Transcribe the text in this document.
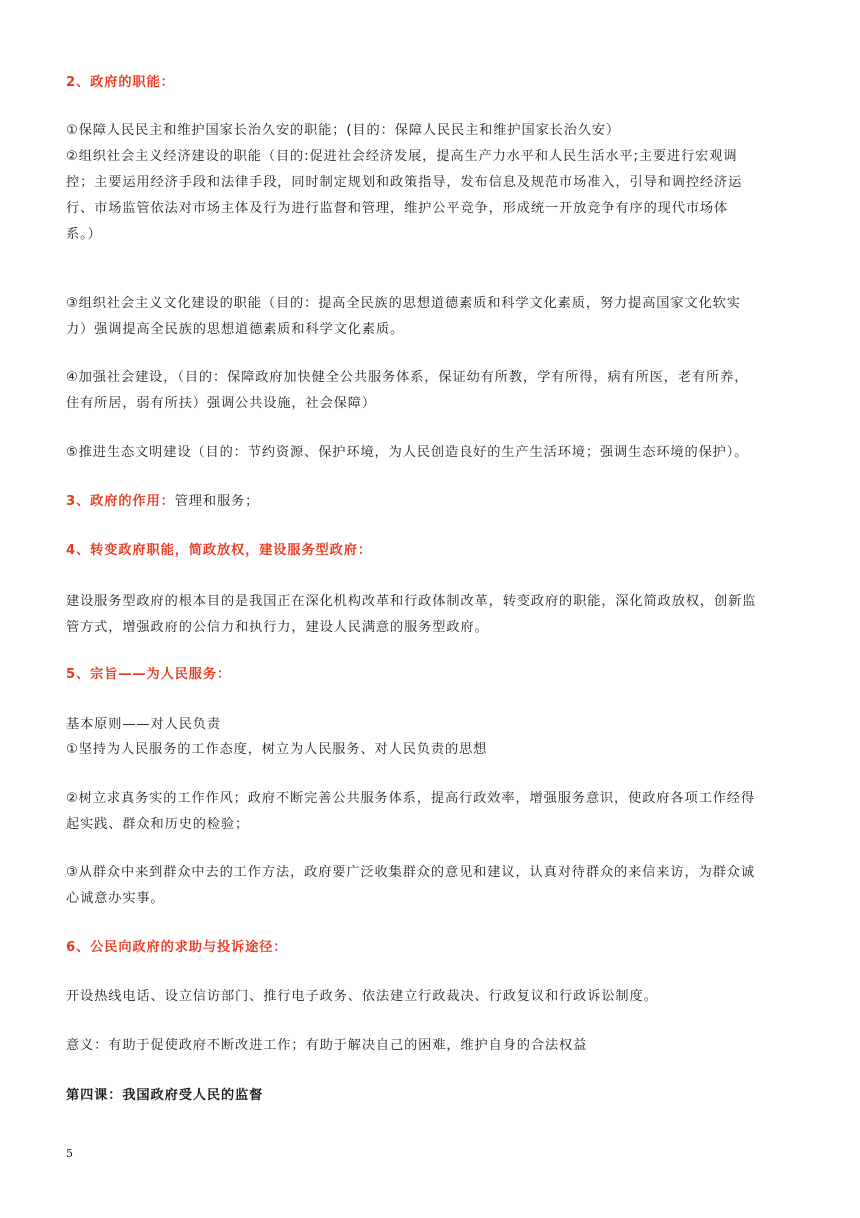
2、政府的职能：

①保障人民民主和维护国家长治久安的职能；(目的：保障人民民主和维护国家长治久安）

②组织社会主义经济建设的职能（目的:促进社会经济发展，提高生产力水平和人民生活水平;主要进行宏观调

控；主要运用经济手段和法律手段，同时制定规划和政策指导，发布信息及规范市场准入，引导和调控经济运

行、市场监管依法对市场主体及行为进行监督和管理，维护公平竞争，形成统一开放竞争有序的现代市场体

系。）

③组织社会主义文化建设的职能（目的：提高全民族的思想道德素质和科学文化素质，努力提高国家文化软实

力）强调提高全民族的思想道德素质和科学文化素质。

④加强社会建设，（目的：保障政府加快健全公共服务体系，保证幼有所教，学有所得，病有所医，老有所养，

住有所居，弱有所扶）强调公共设施，社会保障）

⑤推进生态文明建设（目的：节约资源、保护环境，为人民创造良好的生产生活环境；强调生态环境的保护）。

3、政府的作用：管理和服务；

4、转变政府职能，简政放权，建设服务型政府：

建设服务型政府的根本目的是我国正在深化机构改革和行政体制改革，转变政府的职能，深化简政放权，创新监

管方式，增强政府的公信力和执行力，建设人民满意的服务型政府。

5、宗旨——为人民服务：

基本原则——对人民负责

①坚持为人民服务的工作态度，树立为人民服务、对人民负责的思想

②树立求真务实的工作作风；政府不断完善公共服务体系，提高行政效率，增强服务意识，使政府各项工作经得

起实践、群众和历史的检验；

③从群众中来到群众中去的工作方法，政府要广泛收集群众的意见和建议，认真对待群众的来信来访，为群众诚

心诚意办实事。

6、公民向政府的求助与投诉途径：

开设热线电话、设立信访部门、推行电子政务、依法建立行政裁决、行政复议和行政诉讼制度。

意义：有助于促使政府不断改进工作；有助于解决自己的困难，维护自身的合法权益

第四课：我国政府受人民的监督

5
